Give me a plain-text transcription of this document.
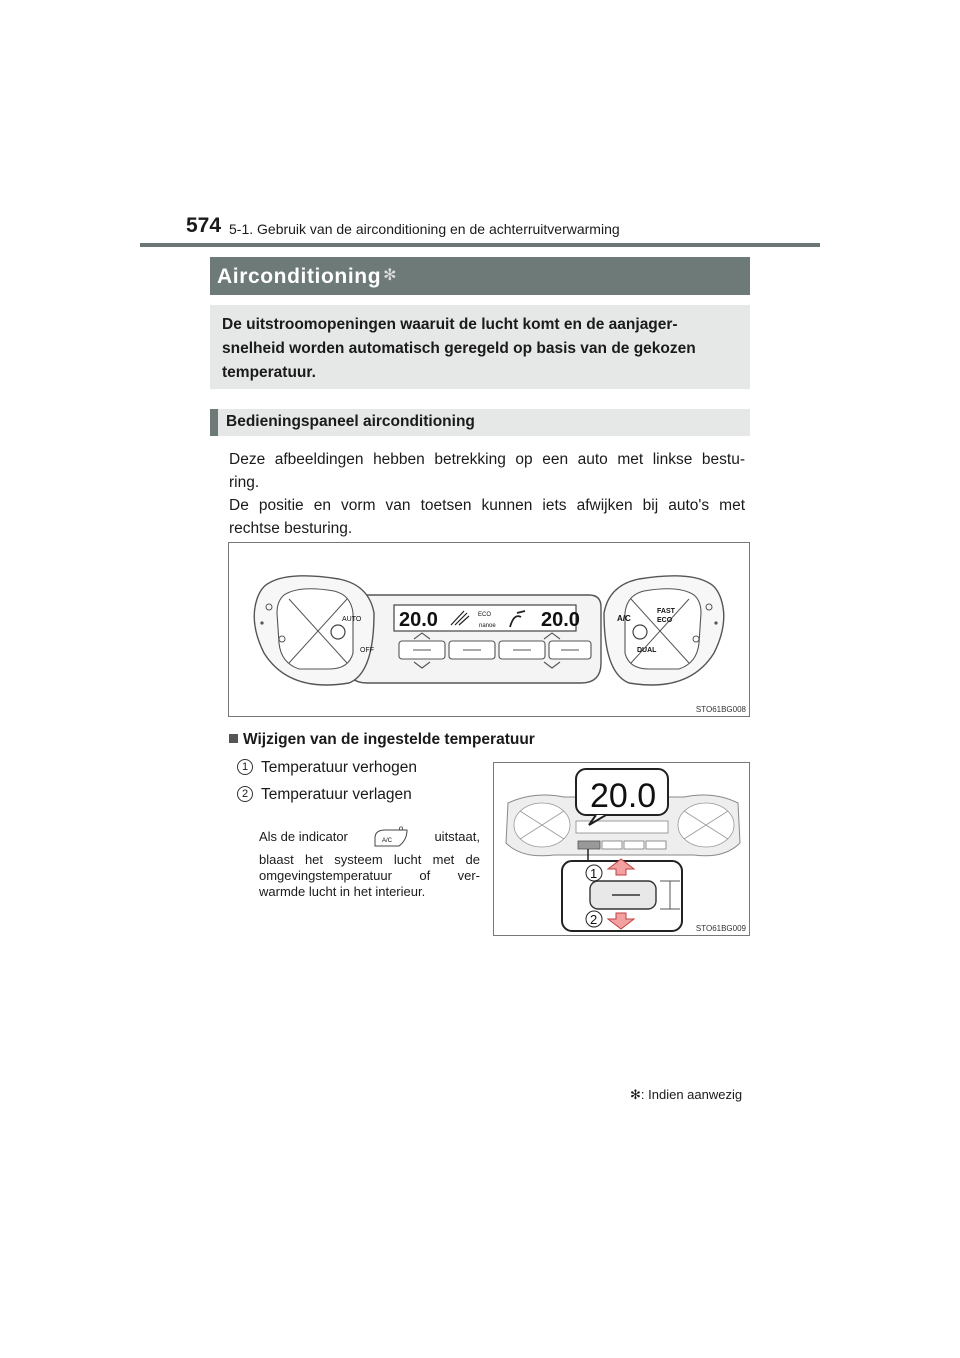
574 5-1. Gebruik van de airconditioning en de achterruitverwarming
Airconditioning ✻
De uitstroomopeningen waaruit de lucht komt en de aanjager-
snelheid worden automatisch geregeld op basis van de gekozen
temperatuur.
Bedieningspaneel airconditioning
Deze afbeeldingen hebben betrekking op een auto met linkse bestu-
ring.
De positie en vorm van toetsen kunnen iets afwijken bij auto's met
rechtse besturing.
20.0	20.0
ECO
nanoe
AUTO
OFF
A/C
FAST
ECO
DUAL
STO61BG008
Wijzigen van de ingestelde temperatuur
1 Temperatuur verhogen
2 Temperatuur verlagen
Als de indicator	A/C	uitstaat,
blaast het systeem lucht met de
omgevingstemperatuur of ver-
warmde lucht in het interieur.
20.0
1
2
STO61BG009
✻: Indien aanwezig
